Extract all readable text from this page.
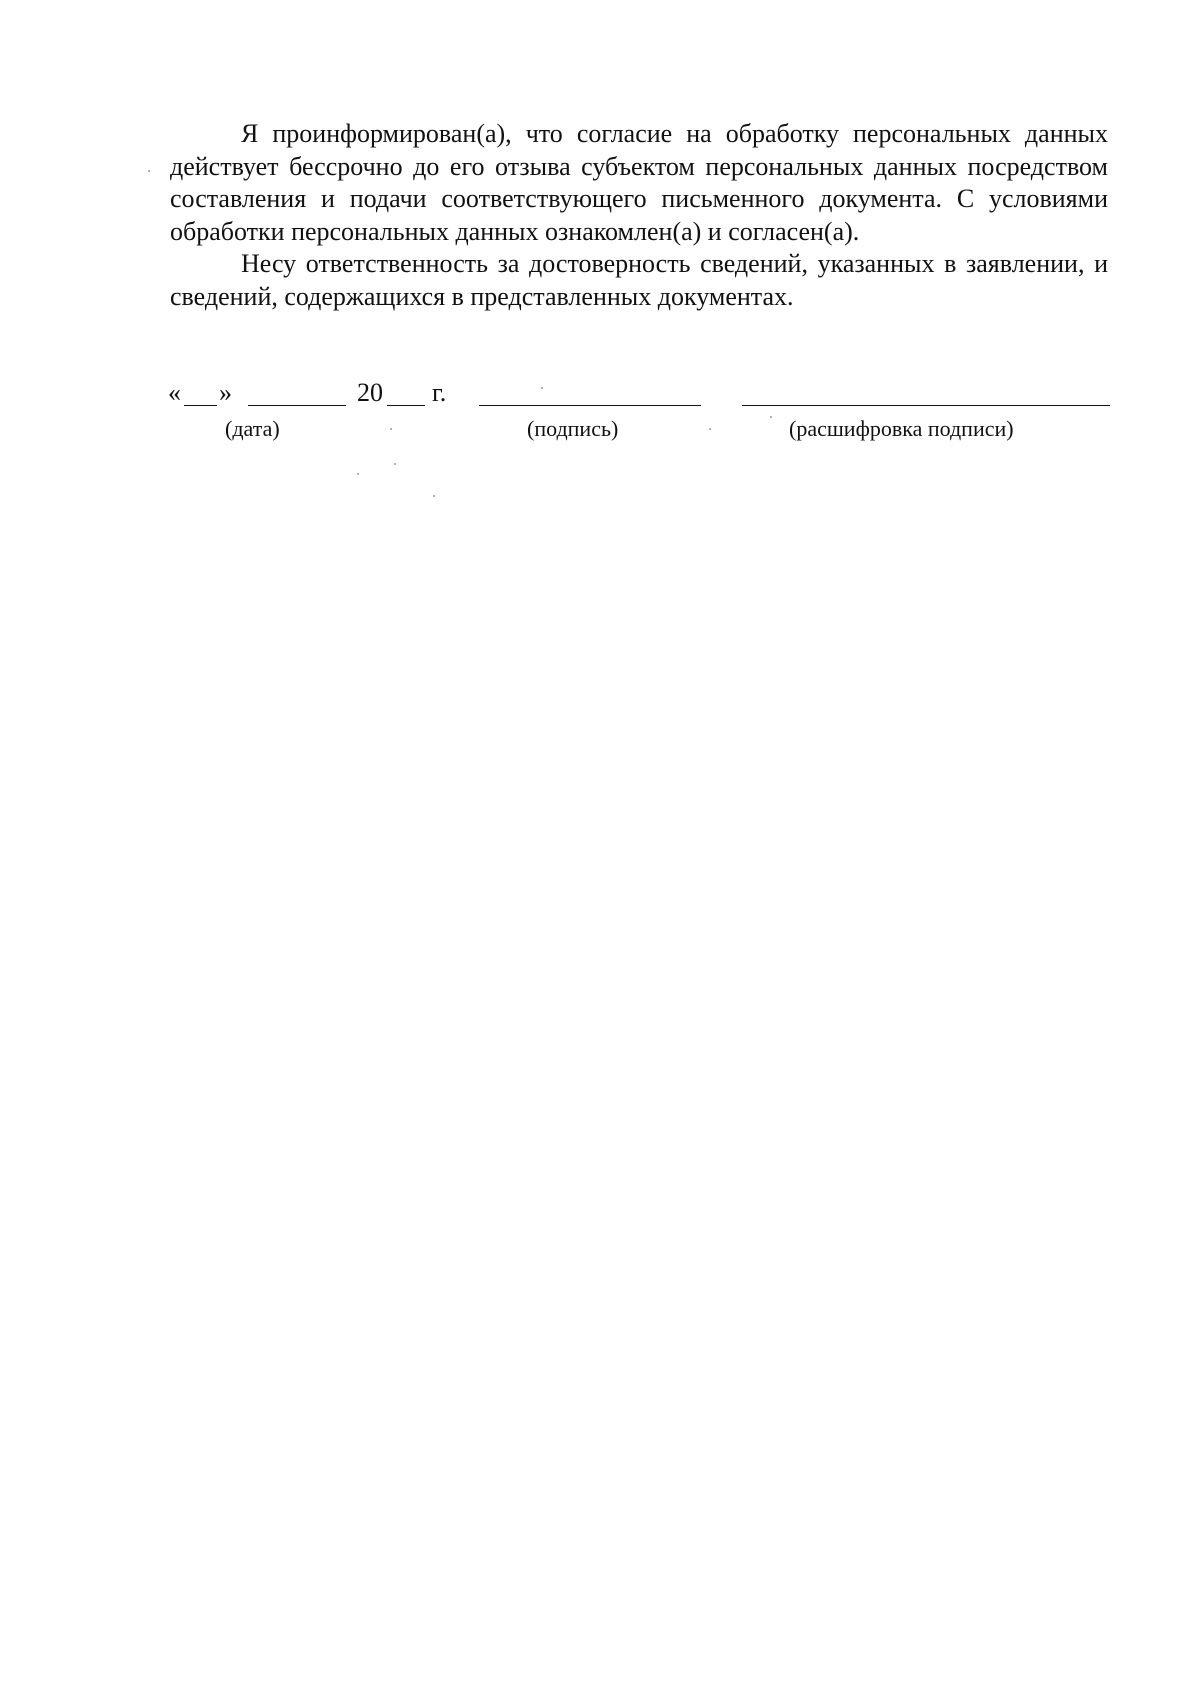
Я проинформирован(а), что согласие на обработку персональных данных действует бессрочно до его отзыва субъектом персональных данных посредством составления и подачи соответствующего письменного документа. С условиями обработки персональных данных ознакомлен(а) и согласен(а).

Несу ответственность за достоверность сведений, указанных в заявлении, и сведений, содержащихся в представленных документах.

« »	20 г.
(дата)	(подпись)	(расшифровка подписи)
